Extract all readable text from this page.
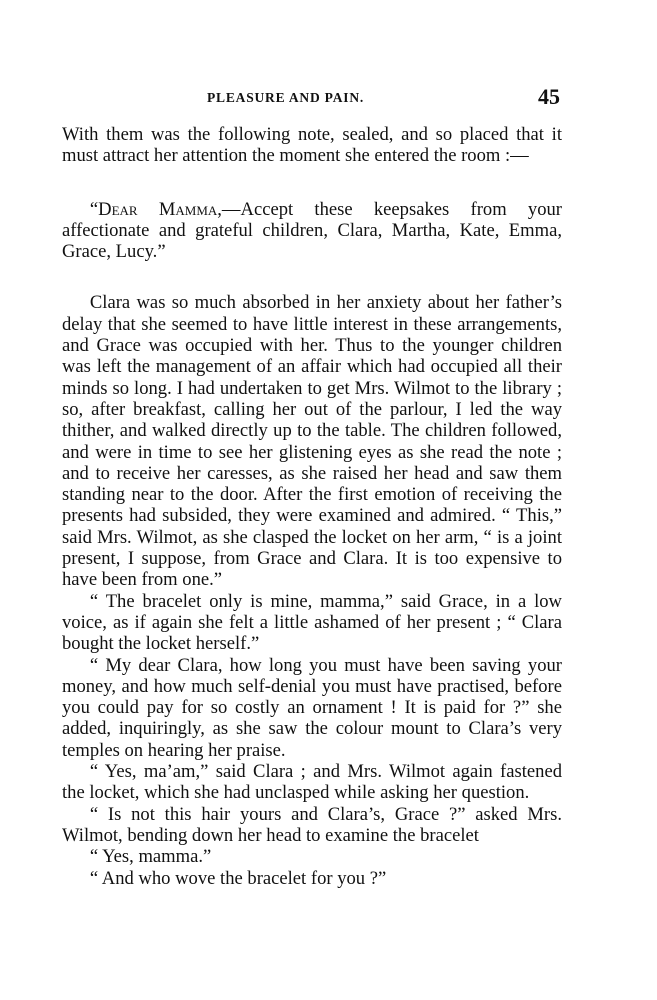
PLEASURE AND PAIN.	45

With them was the following note, sealed, and so placed that it must attract her attention the moment she entered the room :—

“Dear Mamma,—Accept these keepsakes from your affectionate and grateful children, Clara, Martha, Kate, Emma, Grace, Lucy.”

Clara was so much absorbed in her anxiety about her father’s delay that she seemed to have little interest in these arrangements, and Grace was occupied with her. Thus to the younger children was left the management of an affair which had occupied all their minds so long. I had undertaken to get Mrs. Wilmot to the library ; so, after breakfast, calling her out of the parlour, I led the way thither, and walked directly up to the table. The children followed, and were in time to see her glistening eyes as she read the note ; and to receive her caresses, as she raised her head and saw them standing near to the door. After the first emotion of receiving the presents had subsided, they were examined and admired. “ This,” said Mrs. Wilmot, as she clasped the locket on her arm, “ is a joint present, I suppose, from Grace and Clara. It is too expensive to have been from one.”

“ The bracelet only is mine, mamma,” said Grace, in a low voice, as if again she felt a little ashamed of her present ; “ Clara bought the locket herself.”

“ My dear Clara, how long you must have been saving your money, and how much self-denial you must have practised, before you could pay for so costly an ornament ! It is paid for ?” she added, inquiringly, as she saw the colour mount to Clara’s very temples on hearing her praise.

“ Yes, ma’am,” said Clara ; and Mrs. Wilmot again fastened the locket, which she had unclasped while asking her question.

“ Is not this hair yours and Clara’s, Grace ?” asked Mrs. Wilmot, bending down her head to examine the bracelet

“ Yes, mamma.”

“ And who wove the bracelet for you ?”
